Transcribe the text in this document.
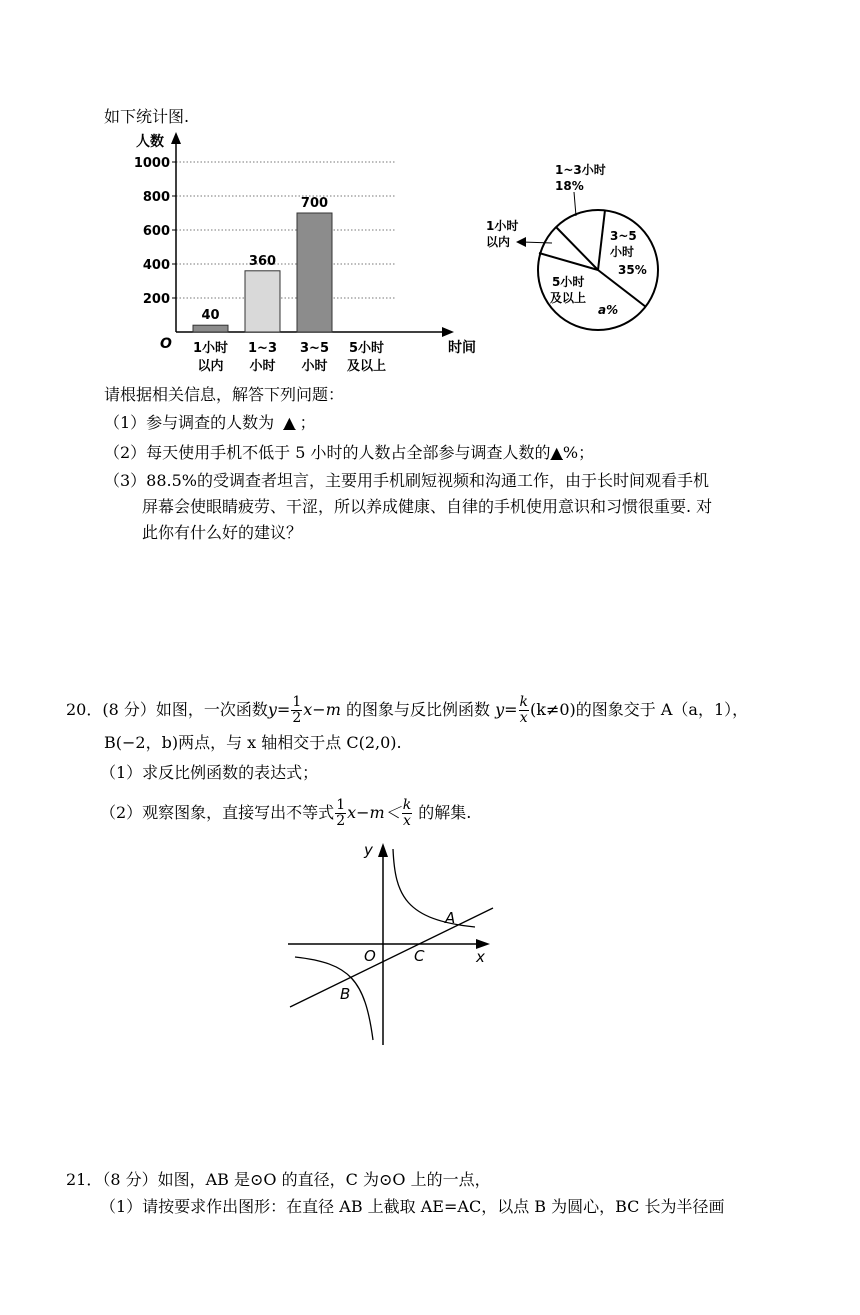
如下统计图.
200
400
600
800
1000
人数
时间
O
40
1小时
以内
360
1~3
小时
700
3~5
小时
5小时
及以上
1~3小时
18%
1小时
以内	3~5
小时
35%
5小时
及以上
a%
请根据相关信息，解答下列问题：
（1）参与调查的人数为 ▲ ；
（2）每天使用手机不低于 5 小时的人数占全部参与调查人数的▲%；
（3）88.5%的受调查者坦言，主要用手机刷短视频和沟通工作，由于长时间观看手机
屏幕会使眼睛疲劳、干涩，所以养成健康、自律的手机使用意识和习惯很重要. 对
此你有什么好的建议？
20．(8 分）如图，一次函数$y= \frac{1}{2} x-m$ 的图象与反比例函数 $y= \frac{k}{x} (k\ne 0)$的图象交于 A（a，1），
B(−2，b)两点，与 x 轴相交于点 C(2,0).
（1）求反比例函数的表达式；
（2）观察图象，直接写出不等式 $\frac{1}{2} x-m< \frac{k}{x}$ 的解集.
y
x
O
A
B
C
21．（8 分）如图，AB 是⊙O 的直径，C 为⊙O 上的一点，
（1）请按要求作出图形：在直径 AB 上截取 AE=AC，以点 B 为圆心，BC 长为半径画
